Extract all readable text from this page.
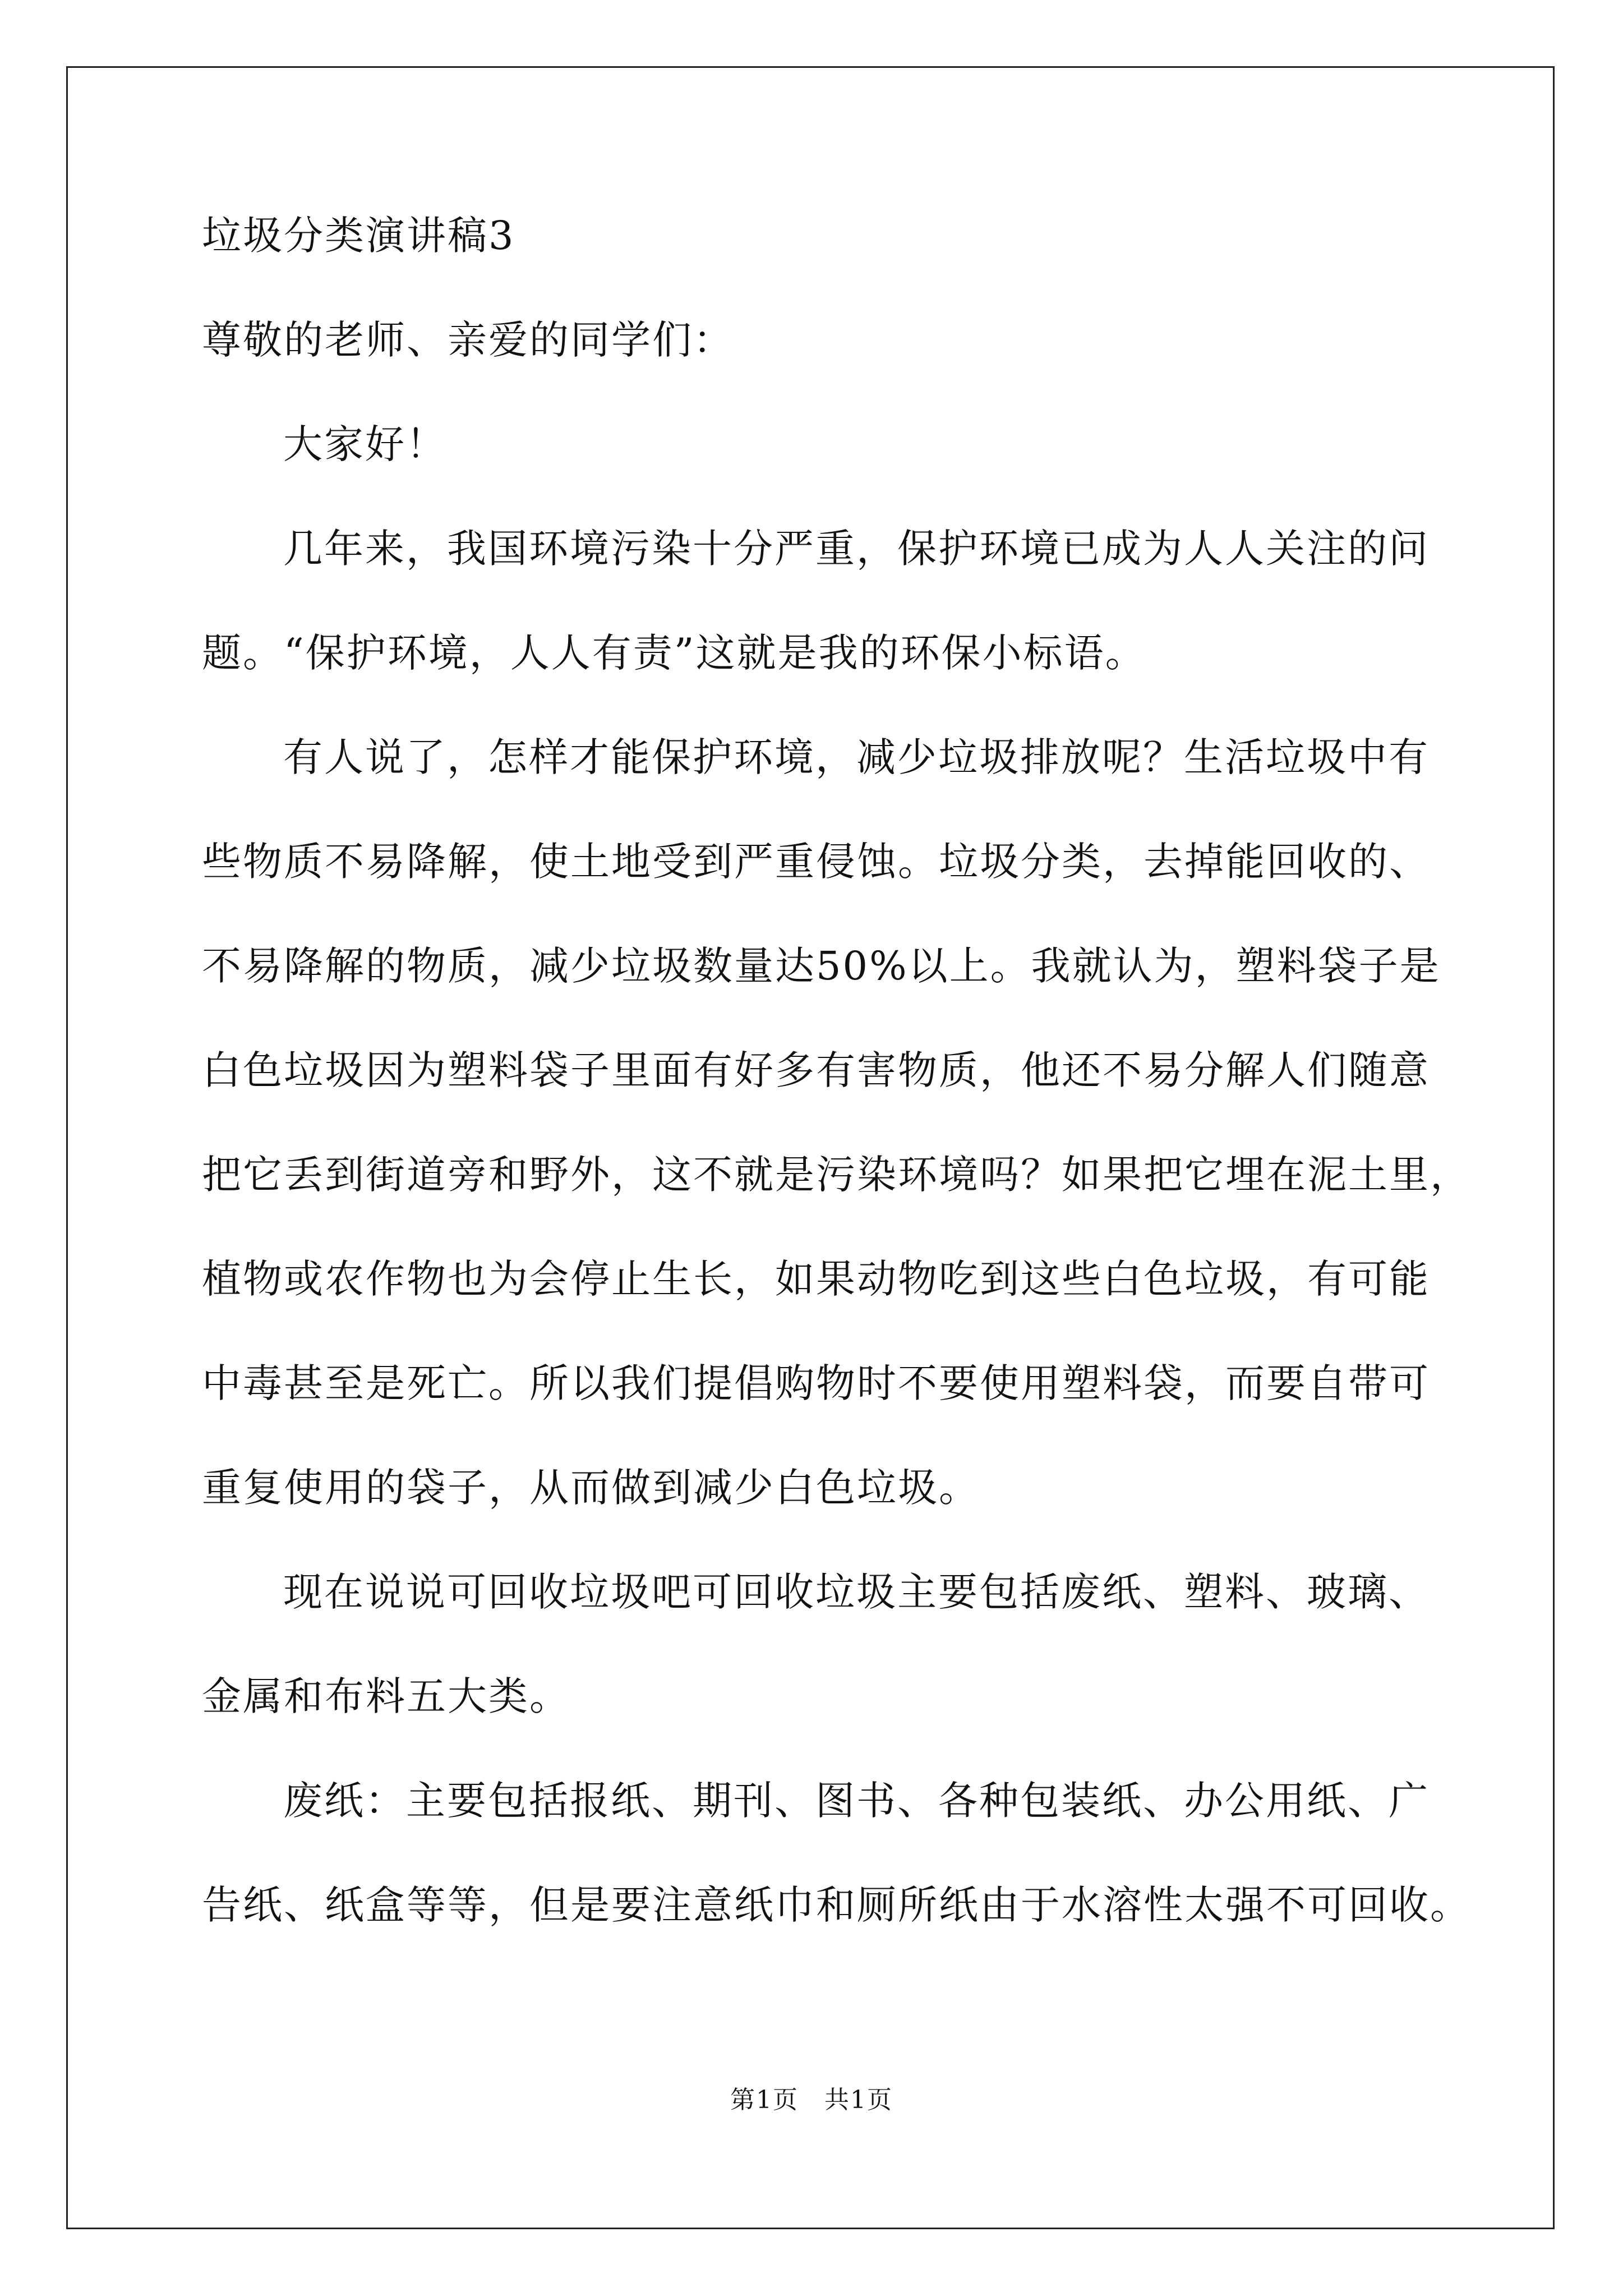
垃圾分类演讲稿3

尊敬的老师、亲爱的同学们：

大家好！

几年来，我国环境污染十分严重，保护环境已成为人人关注的问

题。“保护环境，人人有责”这就是我的环保小标语。

有人说了，怎样才能保护环境，减少垃圾排放呢？生活垃圾中有

些物质不易降解，使土地受到严重侵蚀。垃圾分类，去掉能回收的、

不易降解的物质，减少垃圾数量达50%以上。我就认为，塑料袋子是

白色垃圾因为塑料袋子里面有好多有害物质，他还不易分解人们随意

把它丢到街道旁和野外，这不就是污染环境吗？如果把它埋在泥土里，

植物或农作物也为会停止生长，如果动物吃到这些白色垃圾，有可能

中毒甚至是死亡。所以我们提倡购物时不要使用塑料袋，而要自带可

重复使用的袋子，从而做到减少白色垃圾。

现在说说可回收垃圾吧可回收垃圾主要包括废纸、塑料、玻璃、

金属和布料五大类。

废纸：主要包括报纸、期刊、图书、各种包装纸、办公用纸、广

告纸、纸盒等等，但是要注意纸巾和厕所纸由于水溶性太强不可回收。

第1页　共1页
